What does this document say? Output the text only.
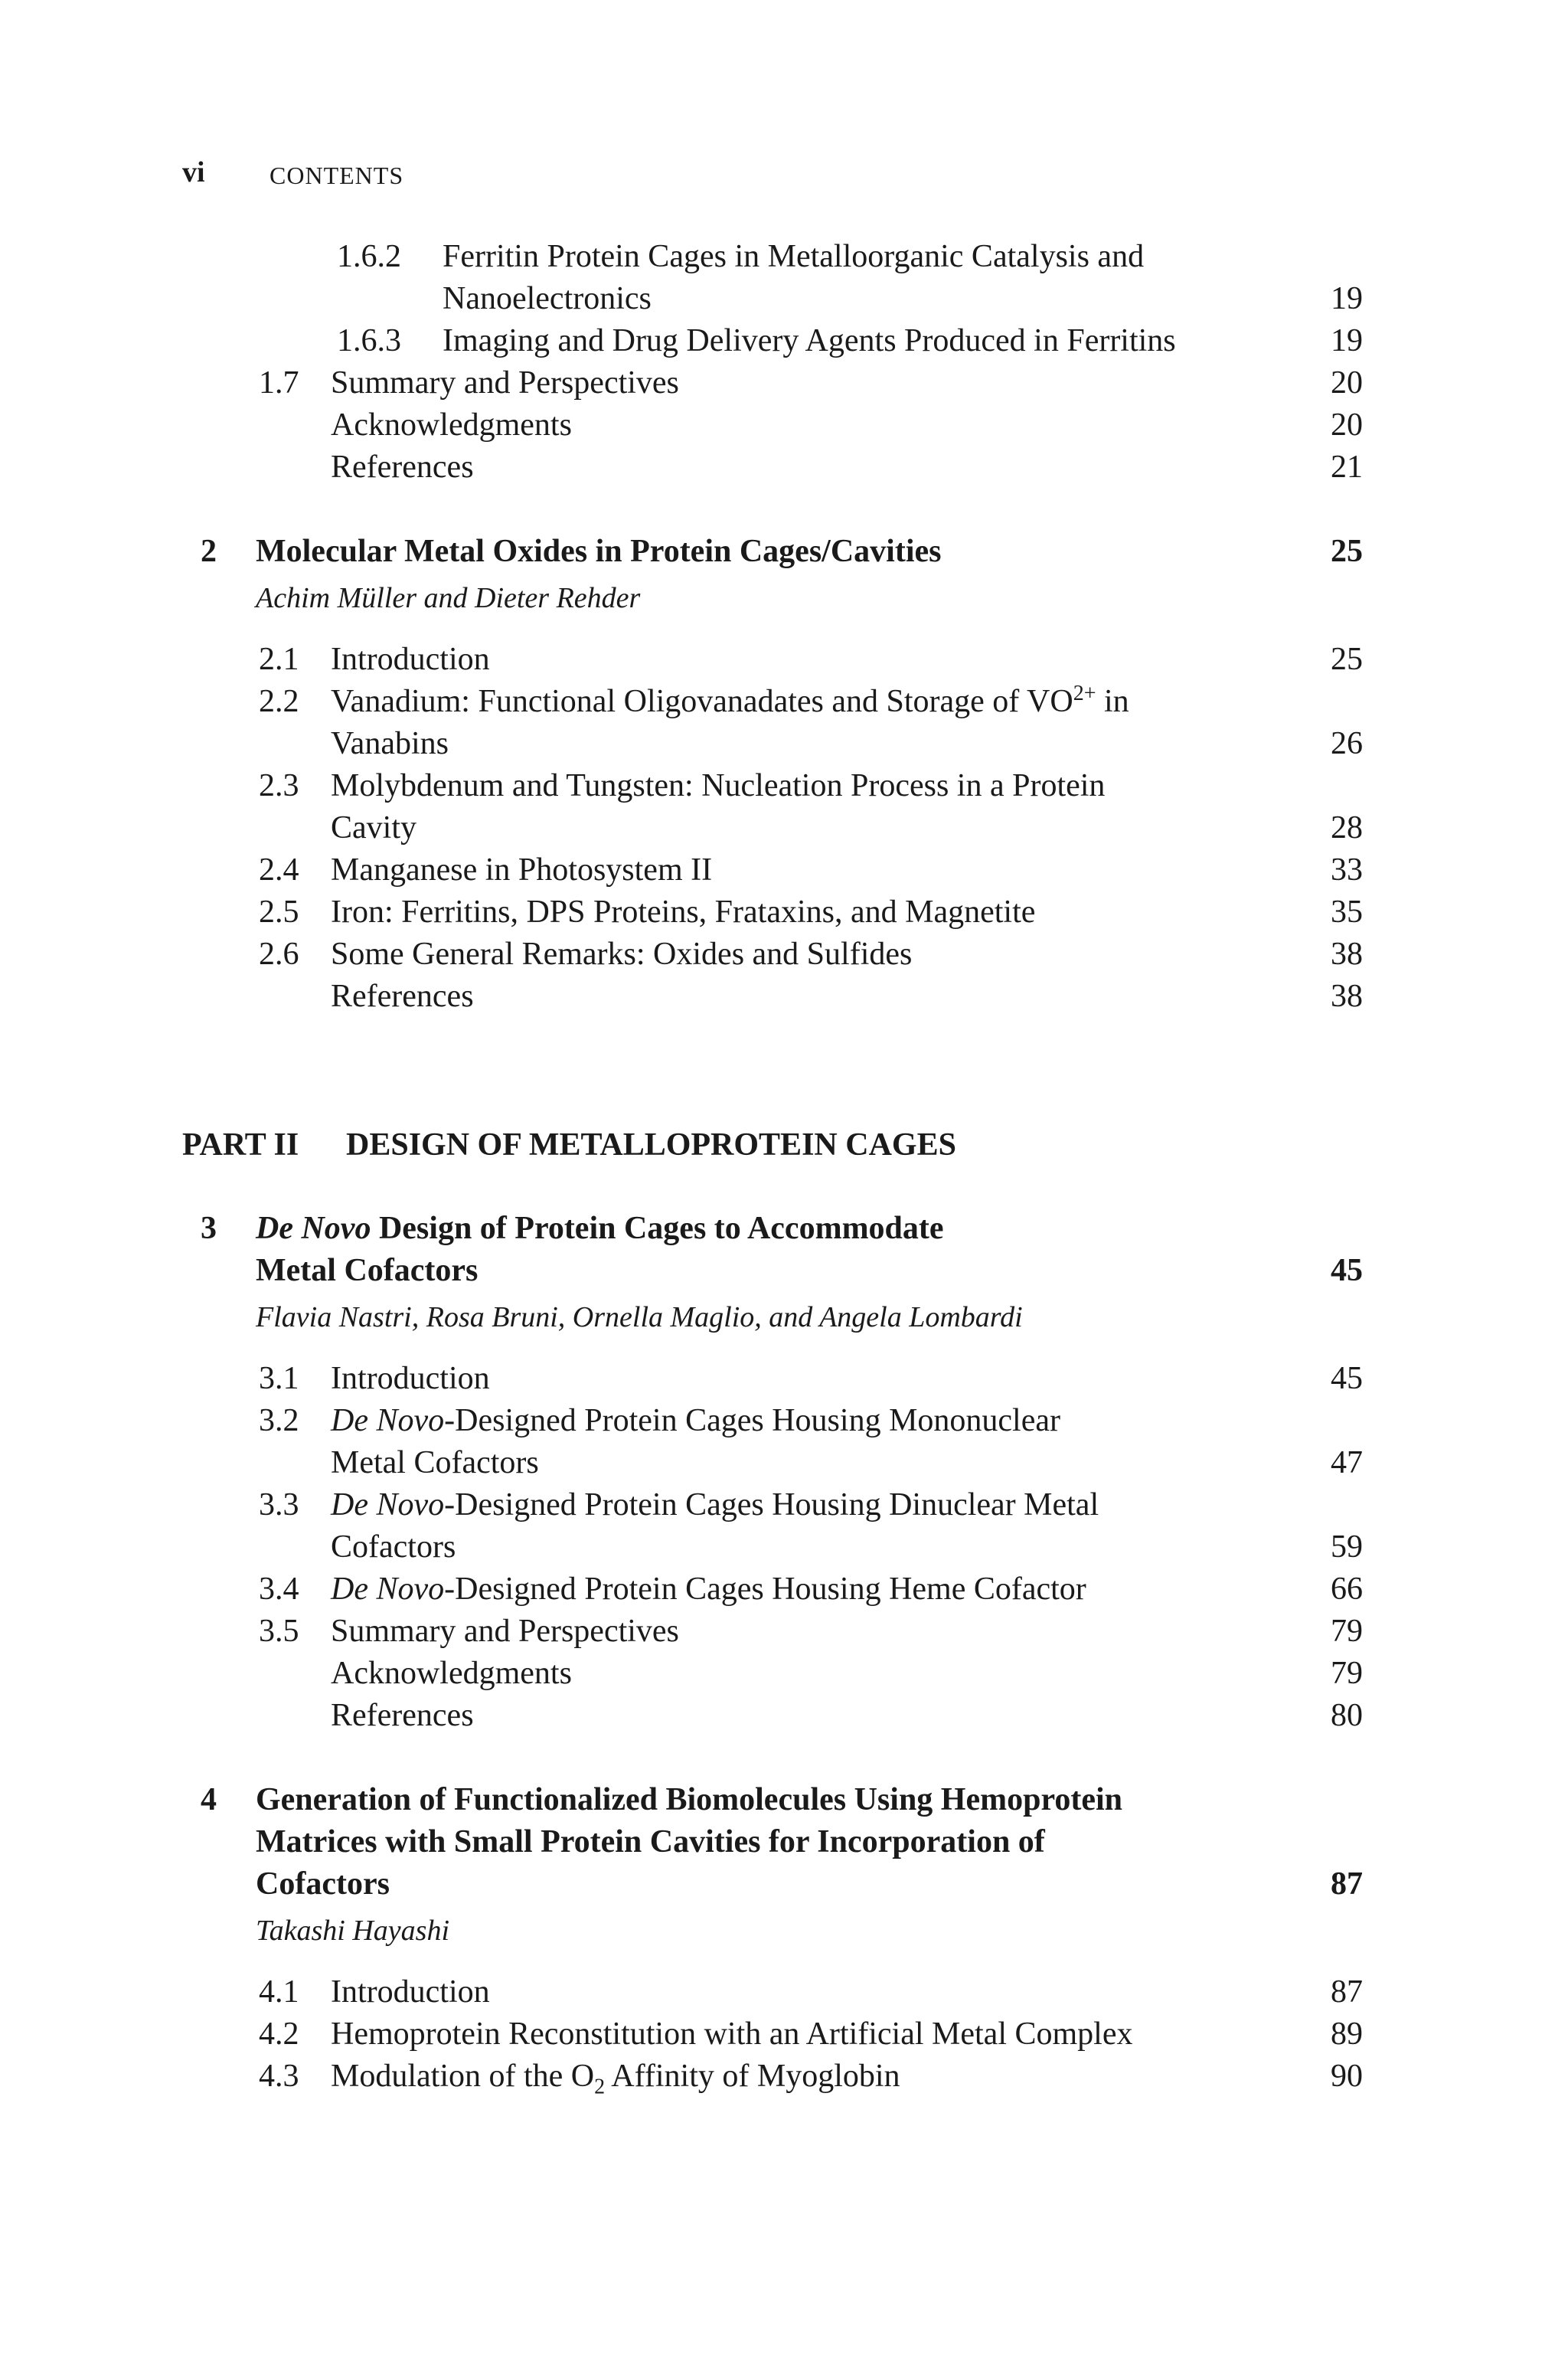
vi	CONTENTS
1.6.2 Ferritin Protein Cages in Metalloorganic Catalysis and
Nanoelectronics	19
1.6.3 Imaging and Drug Delivery Agents Produced in Ferritins	19
1.7 Summary and Perspectives	20
Acknowledgments	20
References	21
2 Molecular Metal Oxides in Protein Cages/Cavities	25
Achim Müller and Dieter Rehder
2.1 Introduction	25
2.2 Vanadium: Functional Oligovanadates and Storage of $VO^{2+}$ in
Vanabins	26
2.3 Molybdenum and Tungsten: Nucleation Process in a Protein
Cavity	28
2.4 Manganese in Photosystem II	33
2.5 Iron: Ferritins, DPS Proteins, Frataxins, and Magnetite	35
2.6 Some General Remarks: Oxides and Sulfides	38
References	38
PART II DESIGN OF METALLOPROTEIN CAGES
3 De Novo Design of Protein Cages to Accommodate
Metal Cofactors	45
Flavia Nastri, Rosa Bruni, Ornella Maglio, and Angela Lombardi
3.1 Introduction	45
3.2 De Novo-Designed Protein Cages Housing Mononuclear
Metal Cofactors	47
3.3 De Novo-Designed Protein Cages Housing Dinuclear Metal
Cofactors	59
3.4 De Novo-Designed Protein Cages Housing Heme Cofactor	66
3.5 Summary and Perspectives	79
Acknowledgments	79
References	80
4 Generation of Functionalized Biomolecules Using Hemoprotein
Matrices with Small Protein Cavities for Incorporation of
Cofactors	87
Takashi Hayashi
4.1 Introduction	87
4.2 Hemoprotein Reconstitution with an Artificial Metal Complex	89
4.3 Modulation of the $O_2$ Affinity of Myoglobin	90
